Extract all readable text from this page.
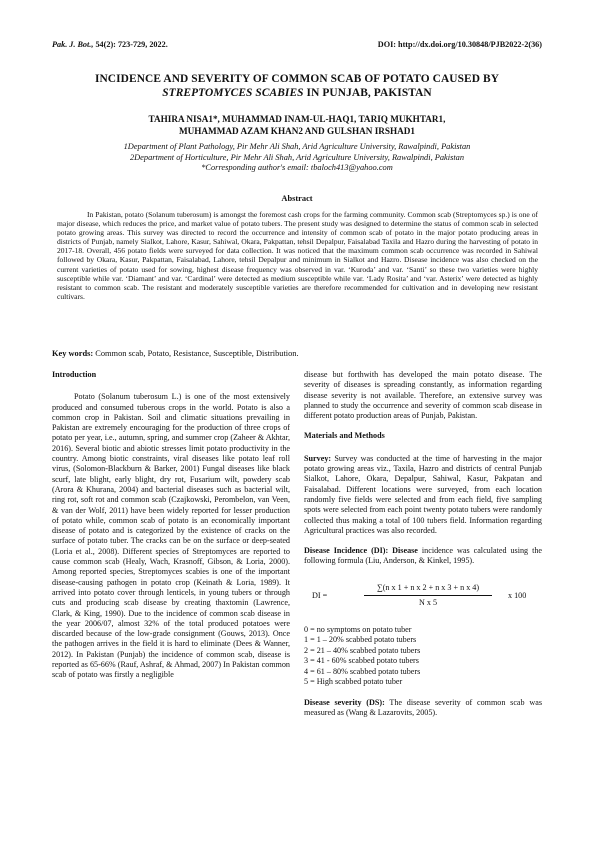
Pak. J. Bot., 54(2): 723-729, 2022.	DOI: http://dx.doi.org/10.30848/PJB2022-2(36)
INCIDENCE AND SEVERITY OF COMMON SCAB OF POTATO CAUSED BY
STREPTOMYCES SCABIES IN PUNJAB, PAKISTAN
TAHIRA NISA1*, MUHAMMAD INAM-UL-HAQ1, TARIQ MUKHTAR1,
MUHAMMAD AZAM KHAN2 AND GULSHAN IRSHAD1
1Department of Plant Pathology, Pir Mehr Ali Shah, Arid Agriculture University, Rawalpindi, Pakistan
2Department of Horticulture, Pir Mehr Ali Shah, Arid Agriculture University, Rawalpindi, Pakistan
*Corresponding author's email: tbaloch413@yahoo.com
Abstract
In Pakistan, potato (Solanum tuberosum) is amongst the foremost cash crops for the farming community. Common scab (Streptomyces sp.) is one of major disease, which reduces the price, and market value of potato tubers. The present study was designed to determine the status of common scab in selected potato growing areas. This survey was directed to record the occurrence and intensity of common scab of potato in the major potato producing areas in districts of Punjab, namely Sialkot, Lahore, Kasur, Sahiwal, Okara, Pakpattan, tehsil Depalpur, Faisalabad Taxila and Hazro during the harvesting of potato in 2017-18. Overall, 456 potato fields were surveyed for data collection. It was noticed that the maximum common scab occurrence was recorded in Sahiwal followed by Okara, Kasur, Pakpattan, Faisalabad, Lahore, tehsil Depalpur and minimum in Sialkot and Hazro. Disease incidence was also checked on the current varieties of potato used for sowing, highest disease frequency was observed in var. ‘Kuroda’ and var. ‘Santi’ so these two varieties were highly susceptible while var. ‘Diamant’ and var. ‘Cardinal’ were detected as medium susceptible while var. ‘Lady Rosita’ and ‘var. Asterix’ were detected as highly resistant to common scab. The resistant and moderately susceptible varieties are therefore recommended for cultivation and in developing new resistant cultivars.
Key words: Common scab, Potato, Resistance, Susceptible, Distribution.

Introduction

Potato (Solanum tuberosum L.) is one of the most extensively produced and consumed tuberous crops in the world. Potato is also a common crop in Pakistan. Soil and climatic situations prevailing in Pakistan are extremely encouraging for the production of three crops of potato per year, i.e., autumn, spring, and summer crop (Zaheer & Akhtar, 2016). Several biotic and abiotic stresses limit potato productivity in the country. Among biotic constraints, viral diseases like potato leaf roll virus, (Solomon-Blackburn & Barker, 2001) Fungal diseases like black scurf, late blight, early blight, dry rot, Fusarium wilt, powdery scab (Arora & Khurana, 2004) and bacterial diseases such as bacterial wilt, ring rot, soft rot and common scab (Czajkowski, Perombelon, van Veen, & van der Wolf, 2011) have been widely reported for lesser production of potato while, common scab of potato is an economically important disease of potato and is categorized by the existence of cracks on the surface of potato tuber. The cracks can be on the surface or deep-seated (Loria et al., 2008). Different species of Streptomyces are reported to cause common scab (Healy, Wach, Krasnoff, Gibson, & Loria, 2000). Among reported species, Streptomyces scabies is one of the important disease-causing pathogen in potato crop (Keinath & Loria, 1989). It arrived into potato cover through lenticels, in young tubers or through cuts and producing scab disease by creating thaxtomin (Lawrence, Clark, & King, 1990). Due to the incidence of common scab disease in the year 2006/07, almost 32% of the total produced potatoes were discarded because of the low-grade consignment (Gouws, 2013). Once the pathogen arrives in the field it is hard to eliminate (Dees & Wanner, 2012). In Pakistan (Punjab) the incidence of common scab, disease is reported as 65-66% (Rauf, Ashraf, & Ahmad, 2007) In Pakistan common scab of potato was firstly a negligible

disease but forthwith has developed the main potato disease. The severity of diseases is spreading constantly, as information regarding disease severity is not available. Therefore, an extensive survey was planned to study the occurrence and severity of common scab disease in different potato production areas of Punjab, Pakistan.

Materials and Methods

Survey: Survey was conducted at the time of harvesting in the major potato growing areas viz., Taxila, Hazro and districts of central Punjab Sialkot, Lahore, Okara, Depalpur, Sahiwal, Kasur, Pakpatan and Faisalabad. Different locations were surveyed, from each location randomly five fields were selected and from each field, five sampling spots were selected from each point twenty potato tubers were randomly collected thus making a total of 100 tubers field. Information regarding Agricultural practices was also recorded.

Disease Incidence (DI): Disease incidence was calculated using the following formula (Liu, Anderson, & Kinkel, 1995).

DI =
∑(n x 1 + n x 2 + n x 3 + n x 4)
N x 5
x 100

0 = no symptoms on potato tuber

1 = 1 – 20% scabbed potato tubers

2 = 21 – 40% scabbed potato tubers

3 = 41 - 60% scabbed potato tubers

4 = 61 – 80% scabbed potato tubers

5 = High scabbed potato tuber

Disease severity (DS): The disease severity of common scab was measured as (Wang & Lazarovits, 2005).
